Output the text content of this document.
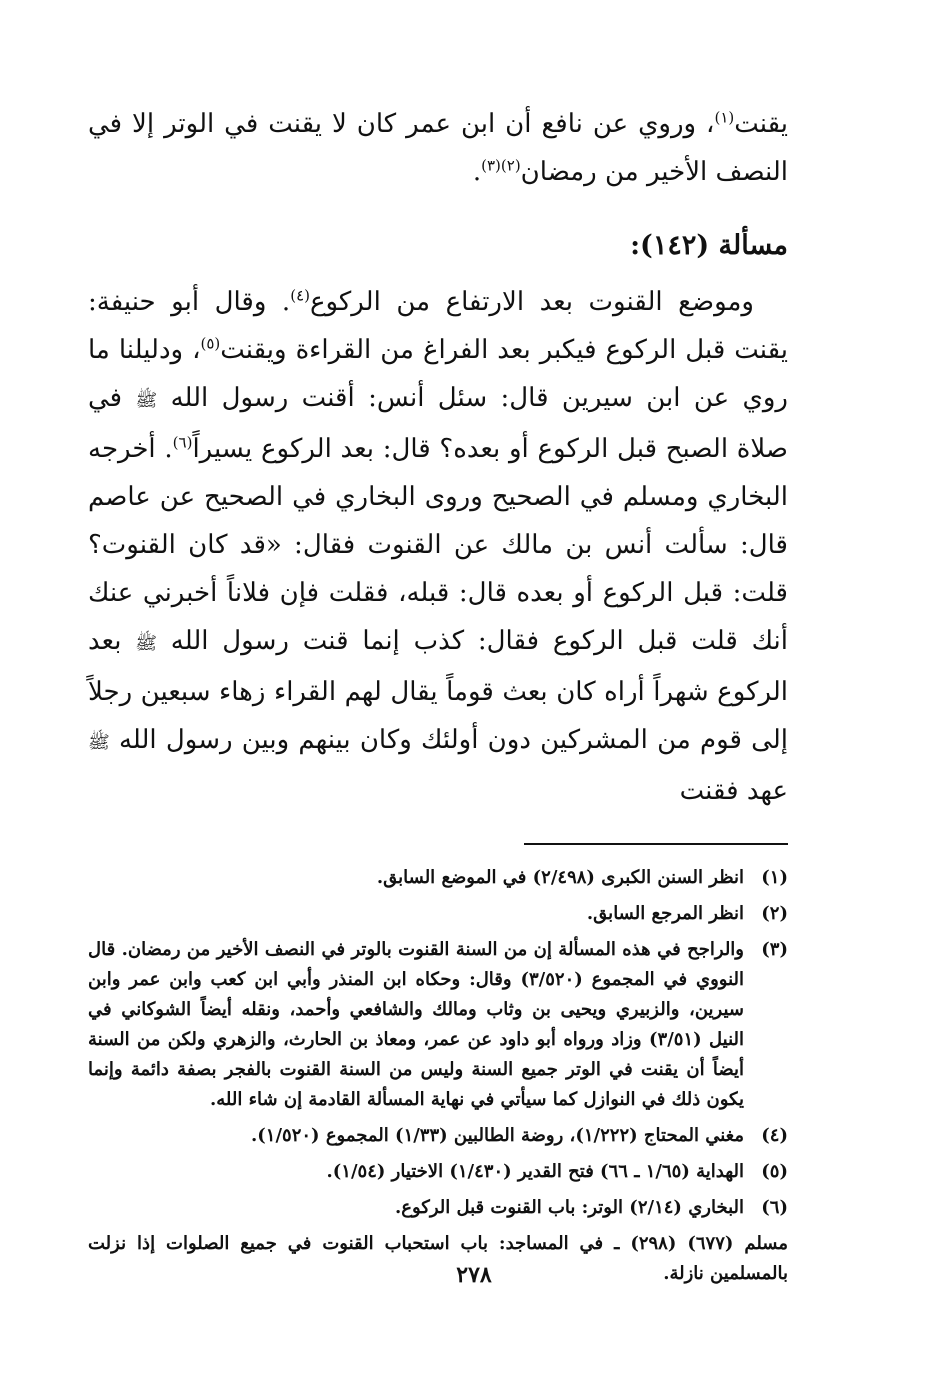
يقنت$^{(١)}$، وروي عن نافع أن ابن عمر كان لا يقنت في الوتر إلا في النصف الأخير من رمضان$^{(٢)(٣)}$.

مسألة (١٤٢):

وموضع القنوت بعد الارتفاع من الركوع$^{(٤)}$. وقال أبو حنيفة: يقنت قبل الركوع فيكبر بعد الفراغ من القراءة ويقنت$^{(٥)}$، ودليلنا ما روي عن ابن سيرين قال: سئل أنس: أقنت رسول الله ﷺ في صلاة الصبح قبل الركوع أو بعده؟ قال: بعد الركوع يسيراً$^{(٦)}$. أخرجه البخاري ومسلم في الصحيح وروى البخاري في الصحيح عن عاصم قال: سألت أنس بن مالك عن القنوت فقال: «قد كان القنوت؟ قلت: قبل الركوع أو بعده قال: قبله، فقلت فإن فلاناً أخبرني عنك أنك قلت قبل الركوع فقال: كذب إنما قنت رسول الله ﷺ بعد الركوع شهراً أراه كان بعث قوماً يقال لهم القراء زهاء سبعين رجلاً إلى قوم من المشركين دون أولئك وكان بينهم وبين رسول الله ﷺ عهد فقنت

(١)
انظر السنن الكبرى (٢/٤٩٨) في الموضع السابق.
(٢)
انظر المرجع السابق.
(٣)
والراجح في هذه المسألة إن من السنة القنوت بالوتر في النصف الأخير من رمضان. قال النووي في المجموع (٣/٥٢٠) وقال: وحكاه ابن المنذر وأبي ابن كعب وابن عمر وابن سيرين، والزبيري ويحيى بن وثاب ومالك والشافعي وأحمد، ونقله أيضاً الشوكاني في النيل (٣/٥١) وزاد ورواه أبو داود عن عمر، ومعاذ بن الحارث، والزهري ولكن من السنة أيضاً أن يقنت في الوتر جميع السنة وليس من السنة القنوت بالفجر بصفة دائمة وإنما يكون ذلك في النوازل كما سيأتي في نهاية المسألة القادمة إن شاء الله.
(٤)
مغني المحتاج (١/٢٢٢)، روضة الطالبين (١/٣٣) المجموع (١/٥٢٠).
(٥)
الهداية (١/٦٥ ـ ٦٦) فتح القدير (١/٤٣٠) الاختيار (١/٥٤).
(٦)
البخاري (٢/١٤) الوتر: باب القنوت قبل الركوع.
مسلم (٦٧٧) (٢٩٨) ـ في المساجد: باب استحباب القنوت في جميع الصلوات إذا نزلت بالمسلمين نازلة.
٢٧٨
